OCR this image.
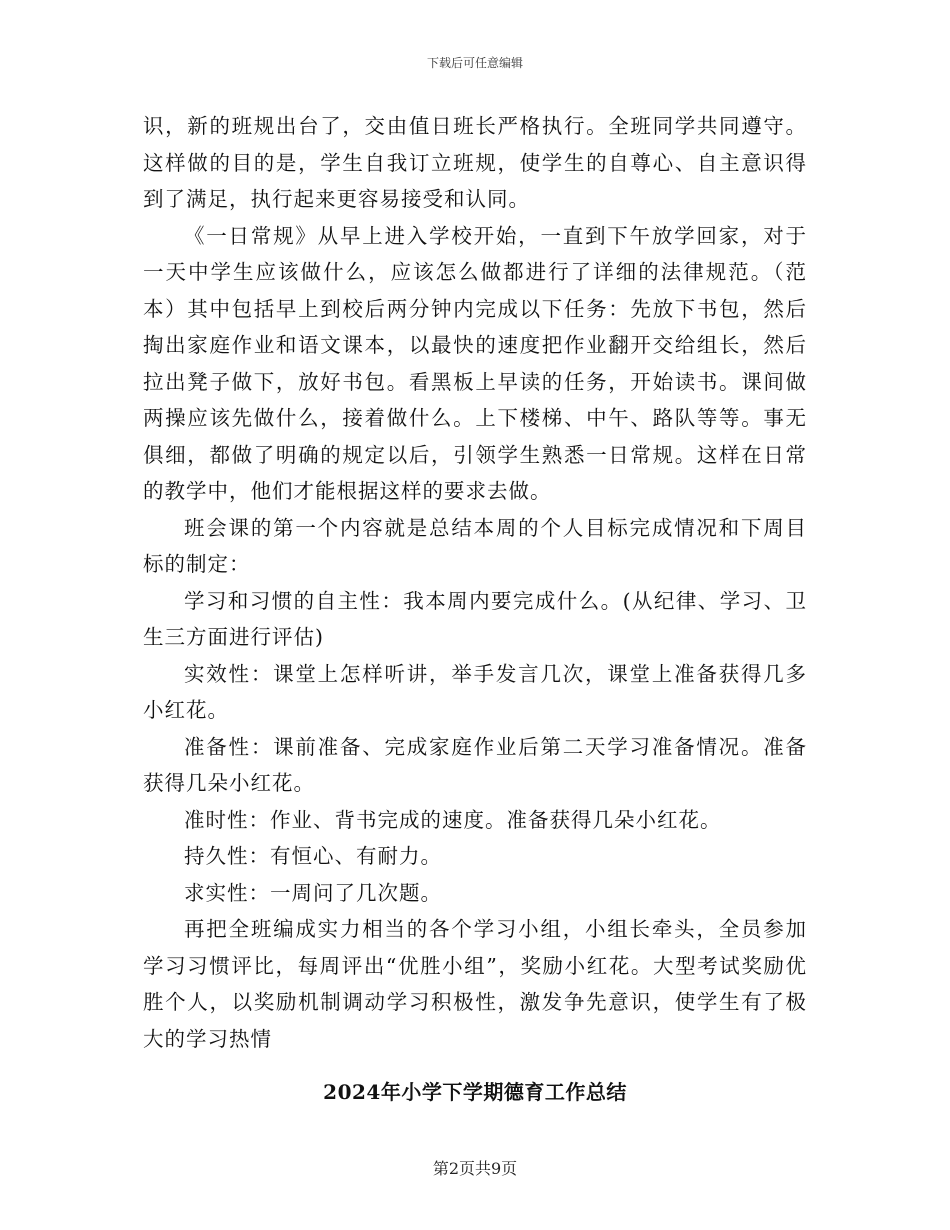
下载后可任意编辑

识，新的班规出台了，交由值日班长严格执行。全班同学共同遵守。这样做的目的是，学生自我订立班规，使学生的自尊心、自主意识得到了满足，执行起来更容易接受和认同。

《一日常规》从早上进入学校开始，一直到下午放学回家，对于一天中学生应该做什么，应该怎么做都进行了详细的法律规范。（范本）其中包括早上到校后两分钟内完成以下任务：先放下书包，然后掏出家庭作业和语文课本，以最快的速度把作业翻开交给组长，然后拉出凳子做下，放好书包。看黑板上早读的任务，开始读书。课间做两操应该先做什么，接着做什么。上下楼梯、中午、路队等等。事无俱细，都做了明确的规定以后，引领学生熟悉一日常规。这样在日常的教学中，他们才能根据这样的要求去做。

班会课的第一个内容就是总结本周的个人目标完成情况和下周目标的制定：

学习和习惯的自主性：我本周内要完成什么。(从纪律、学习、卫生三方面进行评估)

实效性：课堂上怎样听讲，举手发言几次，课堂上准备获得几多小红花。

准备性：课前准备、完成家庭作业后第二天学习准备情况。准备获得几朵小红花。

准时性：作业、背书完成的速度。准备获得几朵小红花。

持久性：有恒心、有耐力。

求实性：一周问了几次题。

再把全班编成实力相当的各个学习小组，小组长牵头，全员参加学习习惯评比，每周评出“优胜小组”，奖励小红花。大型考试奖励优胜个人，以奖励机制调动学习积极性，激发争先意识，使学生有了极大的学习热情

2024年小学下学期德育工作总结
第2页共9页
